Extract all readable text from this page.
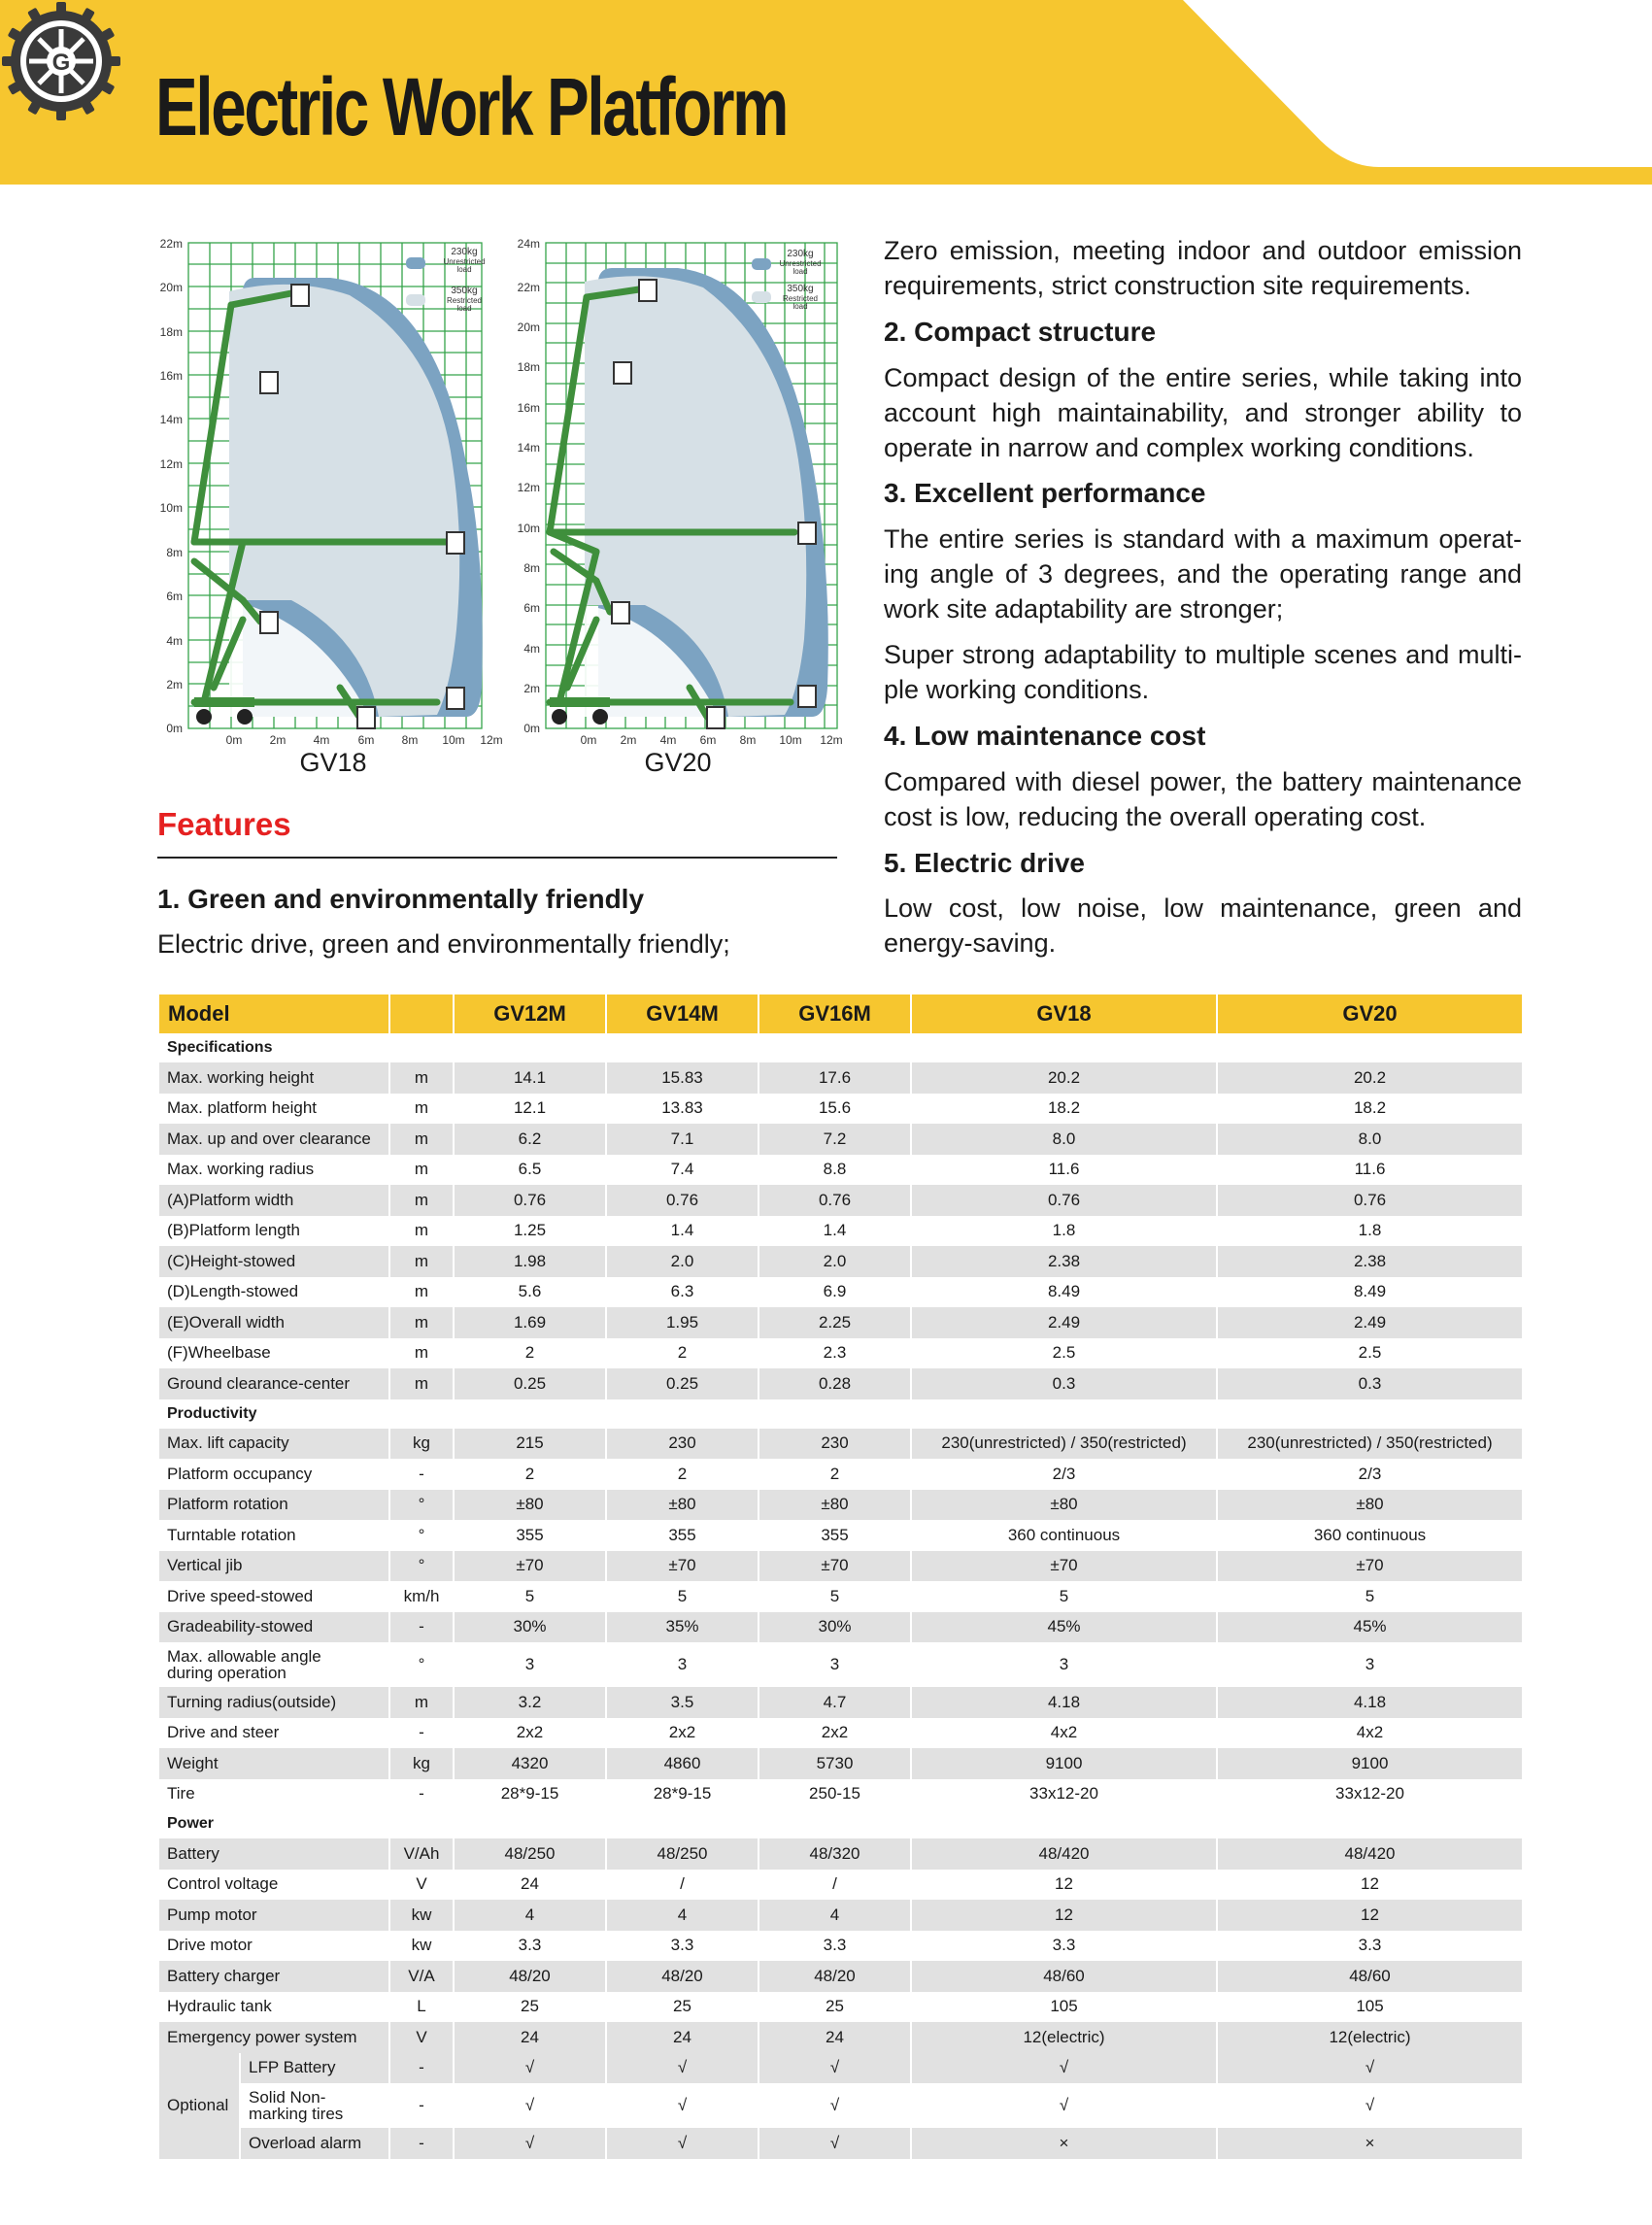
Electric Work Platform
G
0m
2m
4m
6m
8m
10m
12m
14m
16m
18m
20m
22m
0m 2m 4m 6m 8m 10m 12m
230kg
Unrestricted
load
350kg
Restricted
load
GV18
0m
2m
4m
6m
8m
10m
12m
14m
16m
18m
20m
22m
24m
0m 2m 4m 6m 8m 10m 12m
230kg
Unrestricted
load
350kg
Restricted
load
GV20
Features
1. Green and environmentally friendly
Electric drive, green and environmentally friendly;
Zero emission, meeting indoor and outdoor emission
requirements, strict construction site requirements.
2. Compact structure
Compact design of the entire series, while taking into
account high maintainability, and stronger ability to
operate in narrow and complex working conditions.
3. Excellent performance
The entire series is standard with a maximum operat-
ing angle of 3 degrees, and the operating range and
work site adaptability are stronger;
Super strong adaptability to multiple scenes and multi-
ple working conditions.
4. Low maintenance cost
Compared with diesel power, the battery maintenance
cost is low, reducing the overall operating cost.
5. Electric drive
Low cost, low noise, low maintenance, green and
energy-saving.
Model			GV12M	GV14M	GV16M	GV18	GV20
Specifications							
Max. working height		m	14.1	15.83	17.6	20.2	20.2
Max. platform height		m	12.1	13.83	15.6	18.2	18.2
Max. up and over clearance		m	6.2	7.1	7.2	8.0	8.0
Max. working radius		m	6.5	7.4	8.8	11.6	11.6
(A)Platform width		m	0.76	0.76	0.76	0.76	0.76
(B)Platform length		m	1.25	1.4	1.4	1.8	1.8
(C)Height-stowed		m	1.98	2.0	2.0	2.38	2.38
(D)Length-stowed		m	5.6	6.3	6.9	8.49	8.49
(E)Overall width		m	1.69	1.95	2.25	2.49	2.49
(F)Wheelbase		m	2	2	2.3	2.5	2.5
Ground clearance-center		m	0.25	0.25	0.28	0.3	0.3
Productivity							
Max. lift capacity		kg	215	230	230	230(unrestricted) / 350(restricted)	230(unrestricted) / 350(restricted)
Platform occupancy		-	2	2	2	2/3	2/3
Platform rotation		°	±80	±80	±80	±80	±80
Turntable rotation		°	355	355	355	360 continuous	360 continuous
Vertical jib		°	±70	±70	±70	±70	±70
Drive speed-stowed		km/h	5	5	5	5	5
Gradeability-stowed		-	30%	35%	30%	45%	45%
Max. allowable angle during operation		°	3	3	3	3	3
Turning radius(outside)		m	3.2	3.5	4.7	4.18	4.18
Drive and steer		-	2x2	2x2	2x2	4x2	4x2
Weight		kg	4320	4860	5730	9100	9100
Tire		-	28*9-15	28*9-15	250-15	33x12-20	33x12-20
Power							
Battery		V/Ah	48/250	48/250	48/320	48/420	48/420
Control voltage		V	24	/	/	12	12
Pump motor		kw	4	4	4	12	12
Drive motor		kw	3.3	3.3	3.3	3.3	3.3
Battery charger		V/A	48/20	48/20	48/20	48/60	48/60
Hydraulic tank		L	25	25	25	105	105
Emergency power system		V	24	24	24	12(electric)	12(electric)
Optional	LFP Battery	-	√	√	√	√	√
	Solid Non-marking tires	-	√	√	√	√	√
	Overload alarm	-	√	√	√	×	×
